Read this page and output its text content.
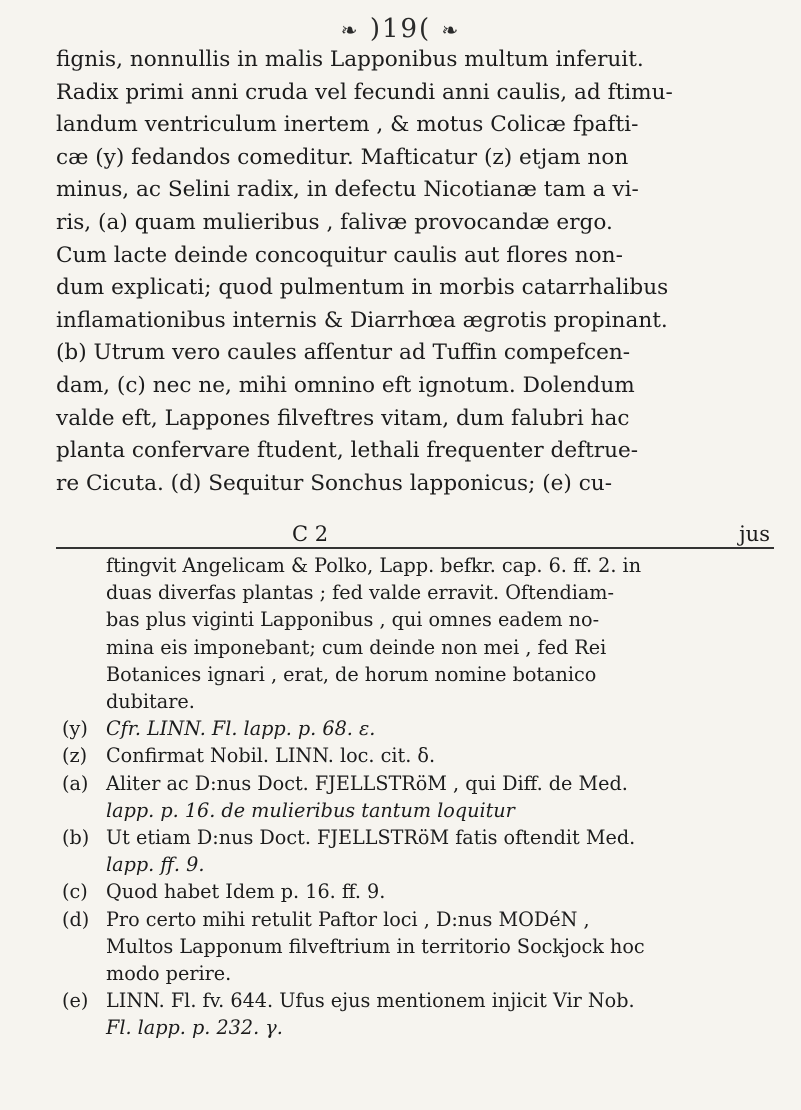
❧ )19( ❧
fignis, nonnullis in malis Lapponibus multum inferuit.
Radix primi anni cruda vel fecundi anni caulis, ad ftimu-
landum ventriculum inertem , & motus Colicæ fpafti-
cæ (y) fedandos comeditur. Mafticatur (z) etjam non
minus, ac Selini radix, in defectu Nicotianæ tam a vi-
ris, (a) quam mulieribus , falivæ provocandæ ergo.
Cum lacte deinde concoquitur caulis aut flores non-
dum explicati; quod pulmentum in morbis catarrhalibus
inflamationibus internis & Diarrhœa ægrotis propinant.
(b) Utrum vero caules afſentur ad Tuffin compefcen-
dam, (c) nec ne, mihi omnino eft ignotum. Dolendum
valde eft, Lappones filveftres vitam, dum falubri hac
planta confervare ftudent, lethali frequenter deftrue-
re Cicuta. (d) Sequitur Sonchus lapponicus; (e) cu-
C 2	jus
ftingvit Angelicam & Polko, Lapp. befkr. cap. 6. ff. 2. in
duas diverfas plantas ; fed valde erravit. Oftendiam-
bas plus viginti Lapponibus , qui omnes eadem no-
mina eis imponebant; cum deinde non mei , fed Rei
Botanices ignari , erat, de horum nomine botanico
dubitare.
(y) Cfr. LINN. Fl. lapp. p. 68. ε.
(z) Confirmat Nobil. LINN. loc. cit. δ.
(a) Aliter ac D:nus Doct. FJELLSTRöM , qui Diff. de Med.
lapp. p. 16. de mulieribus tantum loquitur
(b) Ut etiam D:nus Doct. FJELLSTRöM fatis oftendit Med.
lapp. ff. 9.
(c) Quod habet Idem p. 16. ff. 9.
(d) Pro certo mihi retulit Paftor loci , D:nus MODéN ,
Multos Lapponum filveftrium in territorio Sockjock hoc
modo perire.
(e) LINN. Fl. fv. 644. Ufus ejus mentionem injicit Vir Nob.
Fl. lapp. p. 232. γ.
